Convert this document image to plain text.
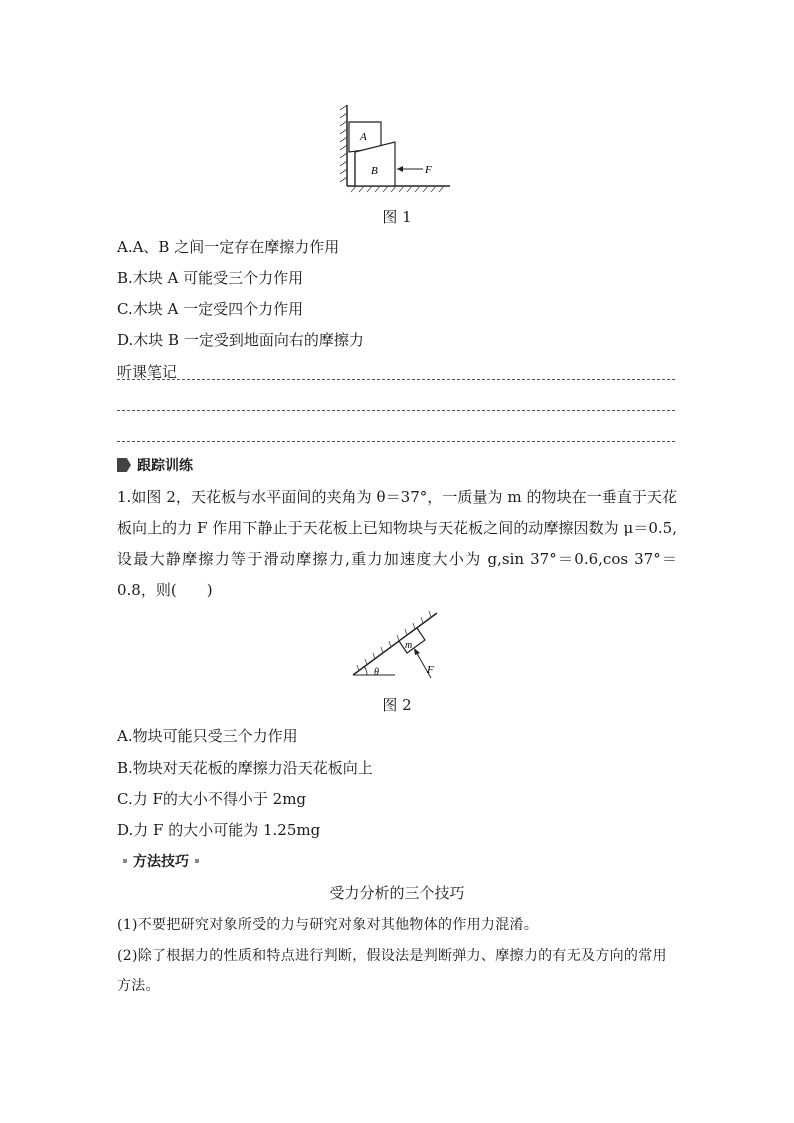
A
B	F
图 1
A.A、B 之间一定存在摩擦力作用
B.木块 A 可能受三个力作用
C.木块 A 一定受四个力作用
D.木块 B 一定受到地面向右的摩擦力
听课笔记
跟踪训练
1.如图 2，天花板与水平面间的夹角为 θ＝37°，一质量为 m 的物块在一垂直于天花板向上的力 F 作用下静止于天花板上已知物块与天花板之间的动摩擦因数为 μ＝0.5,设最大静摩擦力等于滑动摩擦力,重力加速度大小为 g,sin 37°＝0.6,cos 37°＝0.8，则(　　)
m
θ	F
图 2
A.物块可能只受三个力作用
B.物块对天花板的摩擦力沿天花板向上
C.力 F的大小不得小于 2mg
D.力 F 的大小可能为 1.25mg
方法技巧
受力分析的三个技巧
(1)不要把研究对象所受的力与研究对象对其他物体的作用力混淆。
(2)除了根据力的性质和特点进行判断，假设法是判断弹力、摩擦力的有无及方向的常用方法。
